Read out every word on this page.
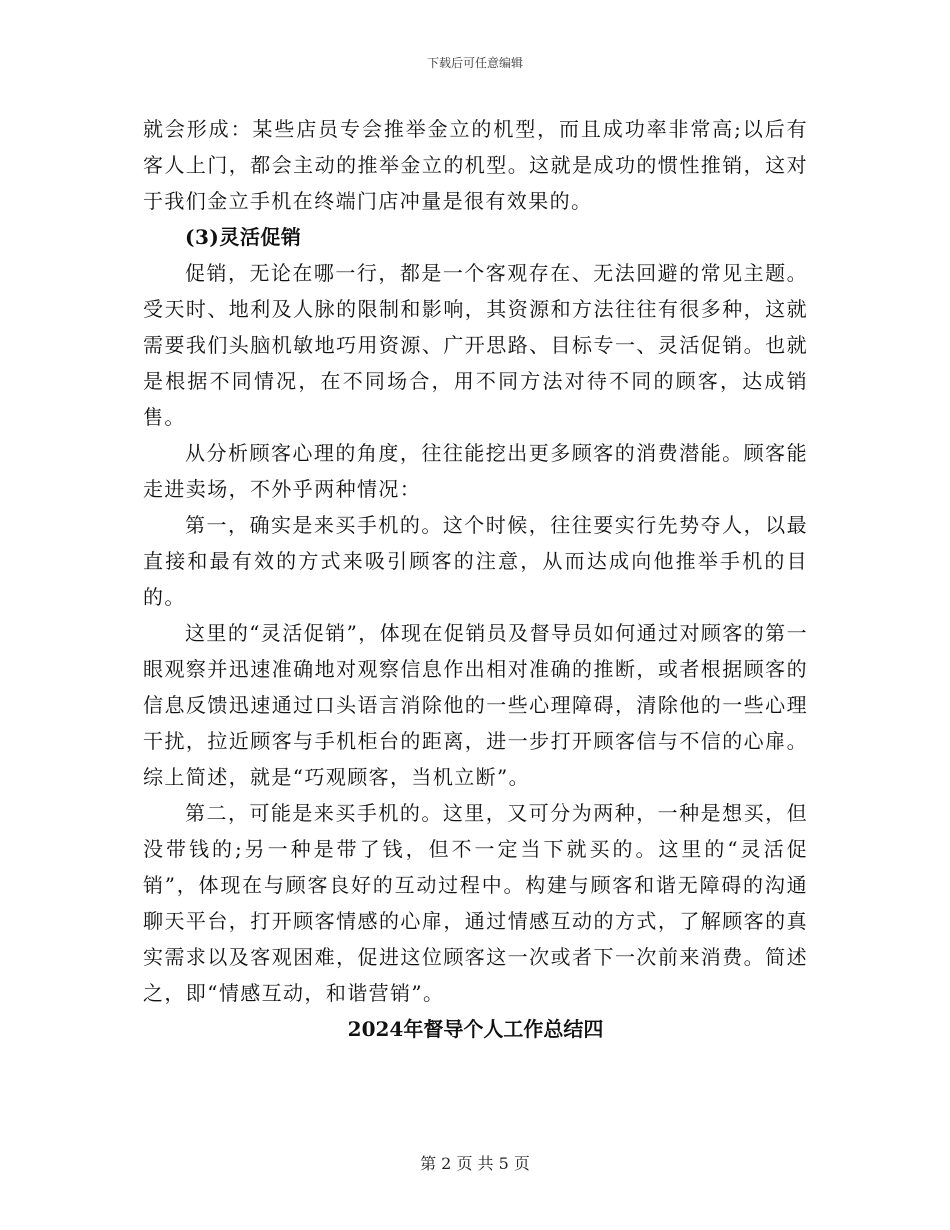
下载后可任意编辑

就会形成：某些店员专会推举金立的机型，而且成功率非常高;以后有客人上门，都会主动的推举金立的机型。这就是成功的惯性推销，这对于我们金立手机在终端门店冲量是很有效果的。

(3)灵活促销

促销，无论在哪一行，都是一个客观存在、无法回避的常见主题。受天时、地利及人脉的限制和影响，其资源和方法往往有很多种，这就需要我们头脑机敏地巧用资源、广开思路、目标专一、灵活促销。也就是根据不同情况，在不同场合，用不同方法对待不同的顾客，达成销售。

从分析顾客心理的角度，往往能挖出更多顾客的消费潜能。顾客能走进卖场，不外乎两种情况：

第一，确实是来买手机的。这个时候，往往要实行先势夺人，以最直接和最有效的方式来吸引顾客的注意，从而达成向他推举手机的目的。

这里的“灵活促销”，体现在促销员及督导员如何通过对顾客的第一眼观察并迅速准确地对观察信息作出相对准确的推断，或者根据顾客的信息反馈迅速通过口头语言消除他的一些心理障碍，清除他的一些心理干扰，拉近顾客与手机柜台的距离，进一步打开顾客信与不信的心扉。综上简述，就是“巧观顾客，当机立断”。

第二，可能是来买手机的。这里，又可分为两种，一种是想买，但没带钱的;另一种是带了钱，但不一定当下就买的。这里的“灵活促销”，体现在与顾客良好的互动过程中。构建与顾客和谐无障碍的沟通聊天平台，打开顾客情感的心扉，通过情感互动的方式，了解顾客的真实需求以及客观困难，促进这位顾客这一次或者下一次前来消费。简述之，即“情感互动，和谐营销”。

2024年督导个人工作总结四

第 2 页 共 5 页
